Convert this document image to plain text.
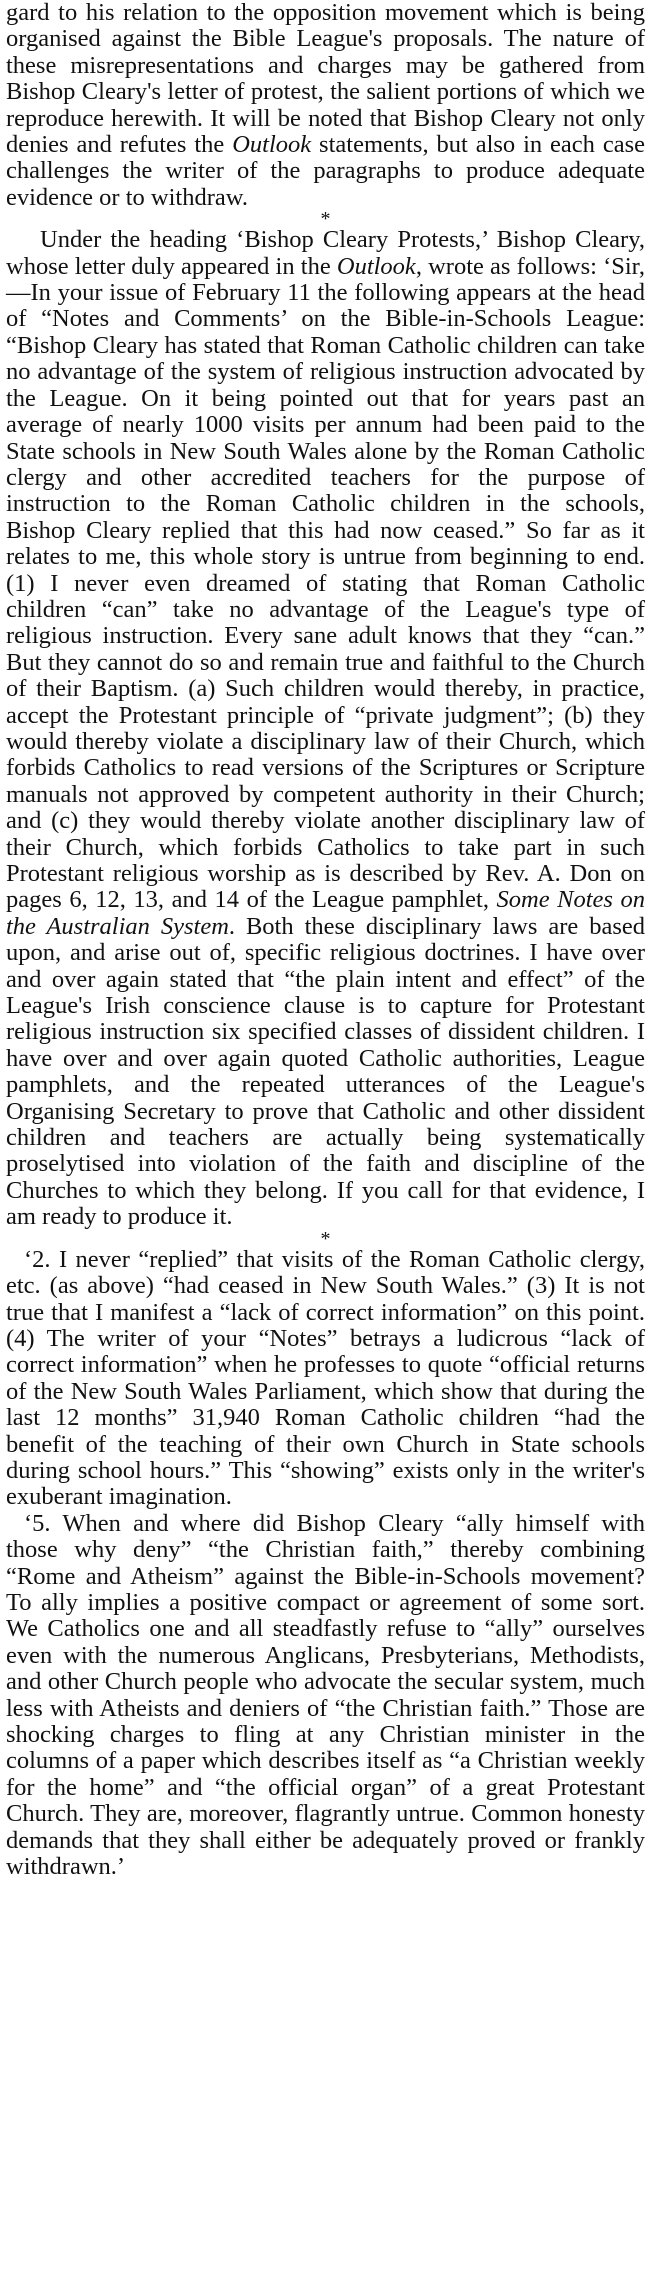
gard to his relation to the opposition movement which is being organised against the Bible League's proposals. The nature of these misrepresentations and charges may be gathered from Bishop Cleary's letter of protest, the salient portions of which we reproduce herewith. It will be noted that Bishop Cleary not only denies and refutes the Outlook statements, but also in each case challenges the writer of the paragraphs to produce adequate evidence or to withdraw.

*

Under the heading ‘Bishop Cleary Protests,’ Bishop Cleary, whose letter duly appeared in the Outlook, wrote as follows: ‘Sir,—In your issue of February 11 the following appears at the head of “Notes and Comments’ on the Bible-in-Schools League: “Bishop Cleary has stated that Roman Catholic children can take no advantage of the system of religious instruction advocated by the League. On it being pointed out that for years past an average of nearly 1000 visits per annum had been paid to the State schools in New South Wales alone by the Roman Catholic clergy and other accredited teachers for the purpose of instruction to the Roman Catholic children in the schools, Bishop Cleary replied that this had now ceased.” So far as it relates to me, this whole story is untrue from beginning to end. (1) I never even dreamed of stating that Roman Catholic children “can” take no advantage of the League's type of religious instruction. Every sane adult knows that they “can.” But they cannot do so and remain true and faithful to the Church of their Baptism. (a) Such children would thereby, in practice, accept the Protestant principle of “private judgment”; (b) they would thereby violate a disciplinary law of their Church, which forbids Catholics to read versions of the Scriptures or Scripture manuals not approved by competent authority in their Church; and (c) they would thereby violate another disciplinary law of their Church, which forbids Catholics to take part in such Protestant religious worship as is described by Rev. A. Don on pages 6, 12, 13, and 14 of the League pamphlet, Some Notes on the Australian System. Both these disciplinary laws are based upon, and arise out of, specific religious doctrines. I have over and over again stated that “the plain intent and effect” of the League's Irish conscience clause is to capture for Protestant religious instruction six specified classes of dissident children. I have over and over again quoted Catholic authorities, League pamphlets, and the repeated utterances of the League's Organising Secretary to prove that Catholic and other dissident children and teachers are actually being systematically proselytised into violation of the faith and discipline of the Churches to which they belong. If you call for that evidence, I am ready to produce it.

*

‘2. I never “replied” that visits of the Roman Catholic clergy, etc. (as above) “had ceased in New South Wales.” (3) It is not true that I manifest a “lack of correct information” on this point. (4) The writer of your “Notes” betrays a ludicrous “lack of correct information” when he professes to quote “official returns of the New South Wales Parliament, which show that during the last 12 months” 31,940 Roman Catholic children “had the benefit of the teaching of their own Church in State schools during school hours.” This “showing” exists only in the writer's exuberant imagination.

‘5. When and where did Bishop Cleary “ally himself with those why deny” “the Christian faith,” thereby combining “Rome and Atheism” against the Bible-in-Schools movement? To ally implies a positive compact or agreement of some sort. We Catholics one and all steadfastly refuse to “ally” ourselves even with the numerous Anglicans, Presbyterians, Methodists, and other Church people who advocate the secular system, much less with Atheists and deniers of “the Christian faith.” Those are shocking charges to fling at any Christian minister in the columns of a paper which describes itself as “a Christian weekly for the home” and “the official organ” of a great Protestant Church. They are, moreover, flagrantly untrue. Common honesty demands that they shall either be adequately proved or frankly withdrawn.’
